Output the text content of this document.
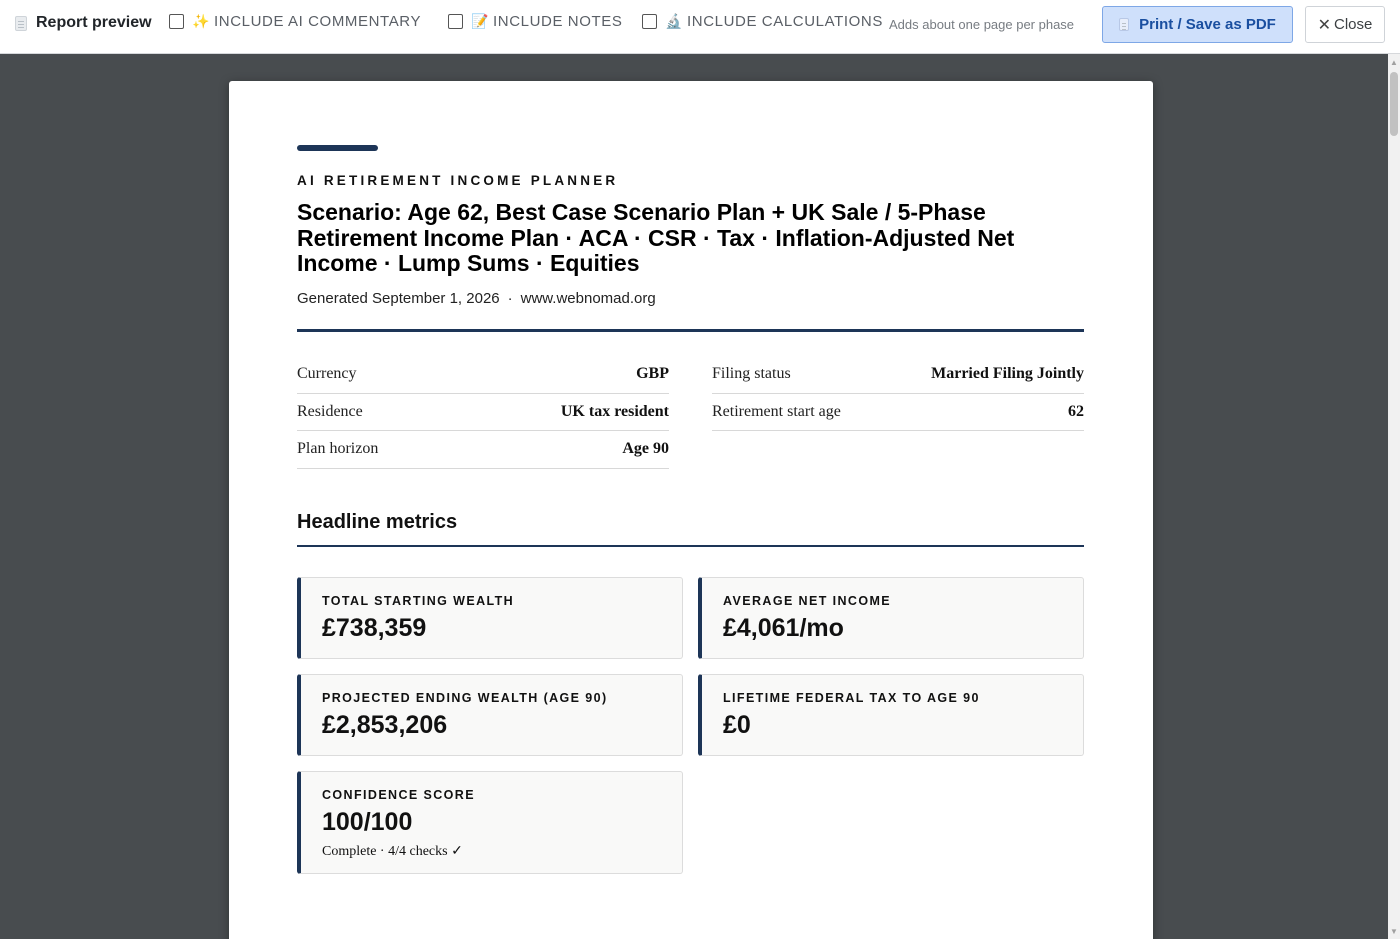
Report preview	✨ INCLUDE AI COMMENTARY	📝 INCLUDE NOTES	🔬 INCLUDE CALCULATIONS Adds about one page per phase	Print / Save as PDF	✕ Close
▲
▼
AI RETIREMENT INCOME PLANNER
Scenario: Age 62, Best Case Scenario Plan + UK Sale / 5-Phase Retirement Income Plan · ACA · CSR · Tax · Inflation-Adjusted Net Income · Lump Sums · Equities
Generated September 1, 2026 · www.webnomad.org
Currency	GBP
Residence	UK tax resident
Plan horizon	Age 90
Filing status	Married Filing Jointly
Retirement start age	62
Headline metrics
TOTAL STARTING WEALTH
£738,359
AVERAGE NET INCOME
£4,061/mo
PROJECTED ENDING WEALTH (AGE 90)
£2,853,206
LIFETIME FEDERAL TAX TO AGE 90
£0
CONFIDENCE SCORE
100/100
Complete · 4/4 checks ✓
